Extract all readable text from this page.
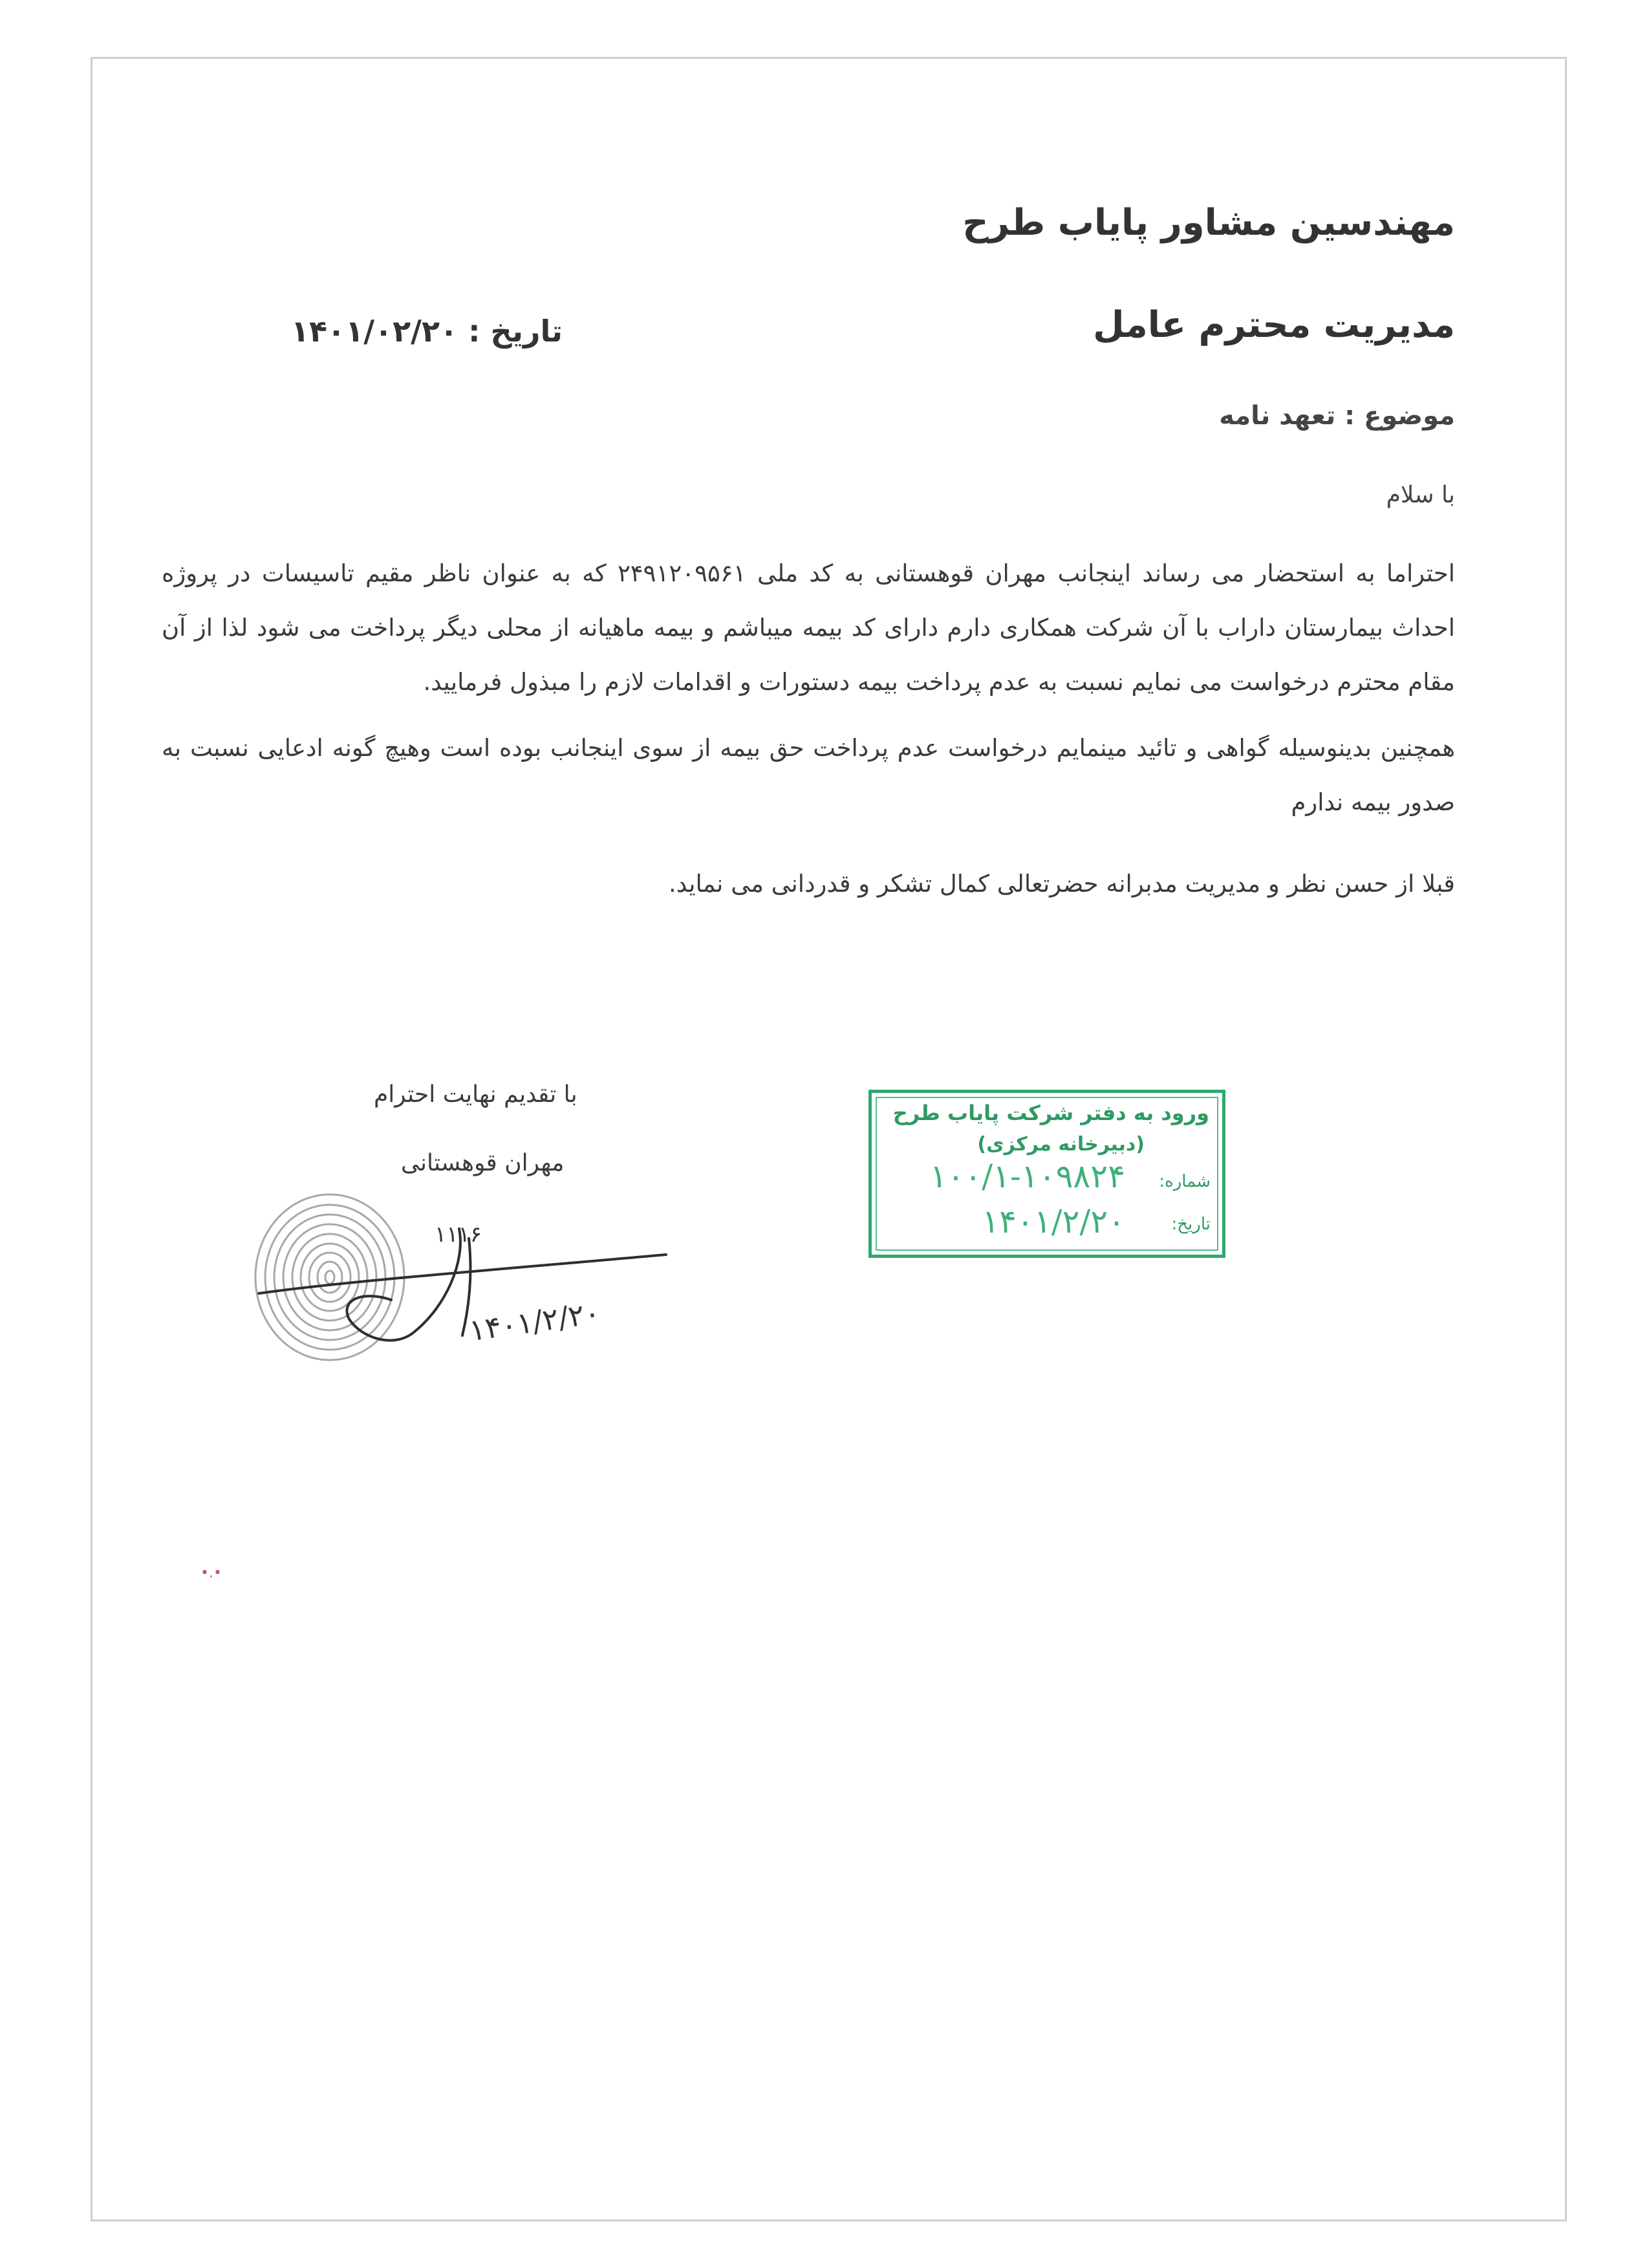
مهندسین مشاور پایاب طرح
مدیریت محترم عامل
تاریخ : ۱۴۰۱/۰۲/۲۰
موضوع : تعهد نامه
با سلام
احتراما به استحضار می رساند اینجانب مهران قوهستانی به کد ملی ۲۴۹۱۲۰۹۵۶۱ که به عنوان ناظر مقیم تاسیسات در پروژه احداث بیمارستان داراب با آن شرکت همکاری دارم دارای کد بیمه میباشم و بیمه ماهیانه از محلی دیگر پرداخت می شود لذا از آن مقام محترم درخواست می نمایم نسبت به عدم پرداخت بیمه دستورات و اقدامات لازم را مبذول فرمایید.
همچنین بدینوسیله گواهی و تائید مینمایم درخواست عدم پرداخت حق بیمه از سوی اینجانب بوده است وهیچ گونه ادعایی نسبت به صدور بیمه ندارم
قبلا از حسن نظر و مدیریت مدبرانه حضرتعالی کمال تشکر و قدردانی می نماید.
با تقدیم نهایت احترام
مهران قوهستانی
۱۱۱۶
۱۴۰۱/۲/۲۰
ورود به دفتر شرکت پایاب طرح
(دبیرخانه مرکزی)
شماره:
۱۰۰/۱-۱۰۹۸۲۴
تاریخ:
۱۴۰۱/۲/۲۰
•.•
